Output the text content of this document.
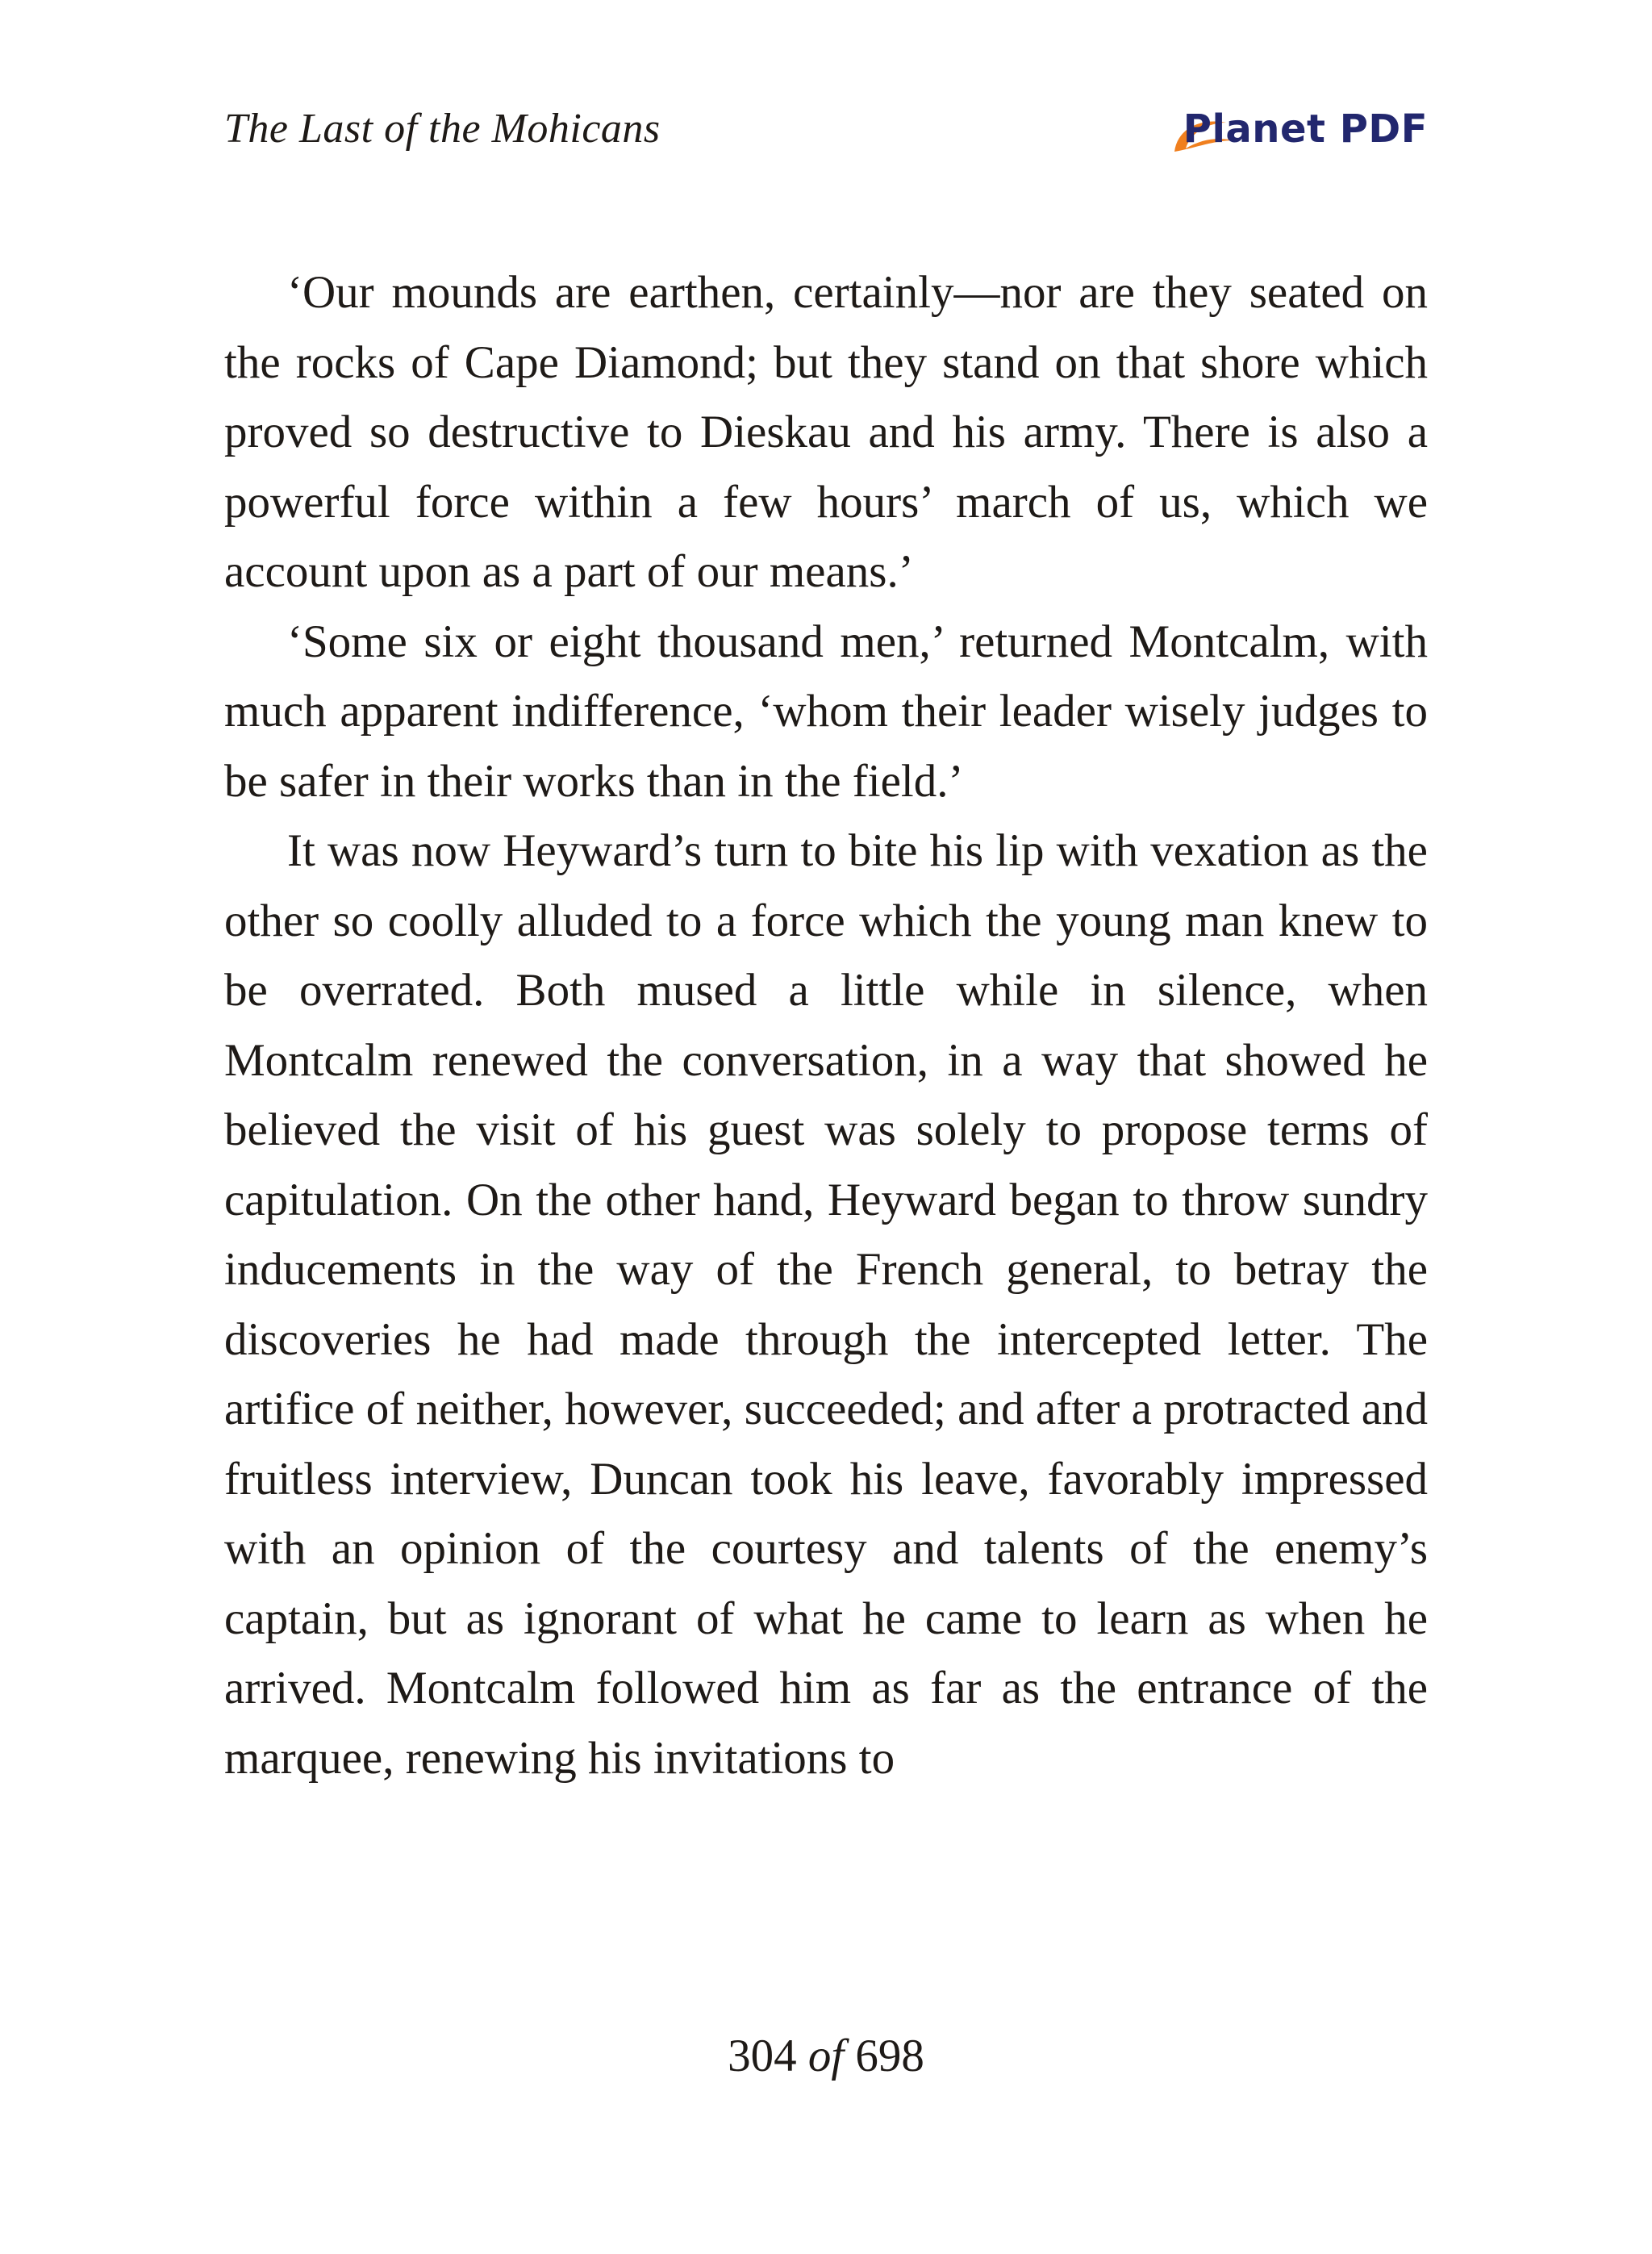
The Last of the Mohicans	Planet PDF

‘Our mounds are earthen, certainly—nor are they seated on the rocks of Cape Diamond; but they stand on that shore which proved so destructive to Dieskau and his army. There is also a powerful force within a few hours’ march of us, which we account upon as a part of our means.’

‘Some six or eight thousand men,’ returned Montcalm, with much apparent indifference, ‘whom their leader wisely judges to be safer in their works than in the field.’

It was now Heyward’s turn to bite his lip with vexation as the other so coolly alluded to a force which the young man knew to be overrated. Both mused a little while in silence, when Montcalm renewed the conversation, in a way that showed he believed the visit of his guest was solely to propose terms of capitulation. On the other hand, Heyward began to throw sundry inducements in the way of the French general, to betray the discoveries he had made through the intercepted letter. The artifice of neither, however, succeeded; and after a protracted and fruitless interview, Duncan took his leave, favorably impressed with an opinion of the courtesy and talents of the enemy’s captain, but as ignorant of what he came to learn as when he arrived. Montcalm followed him as far as the entrance of the marquee, renewing his invitations to

304 of 698
